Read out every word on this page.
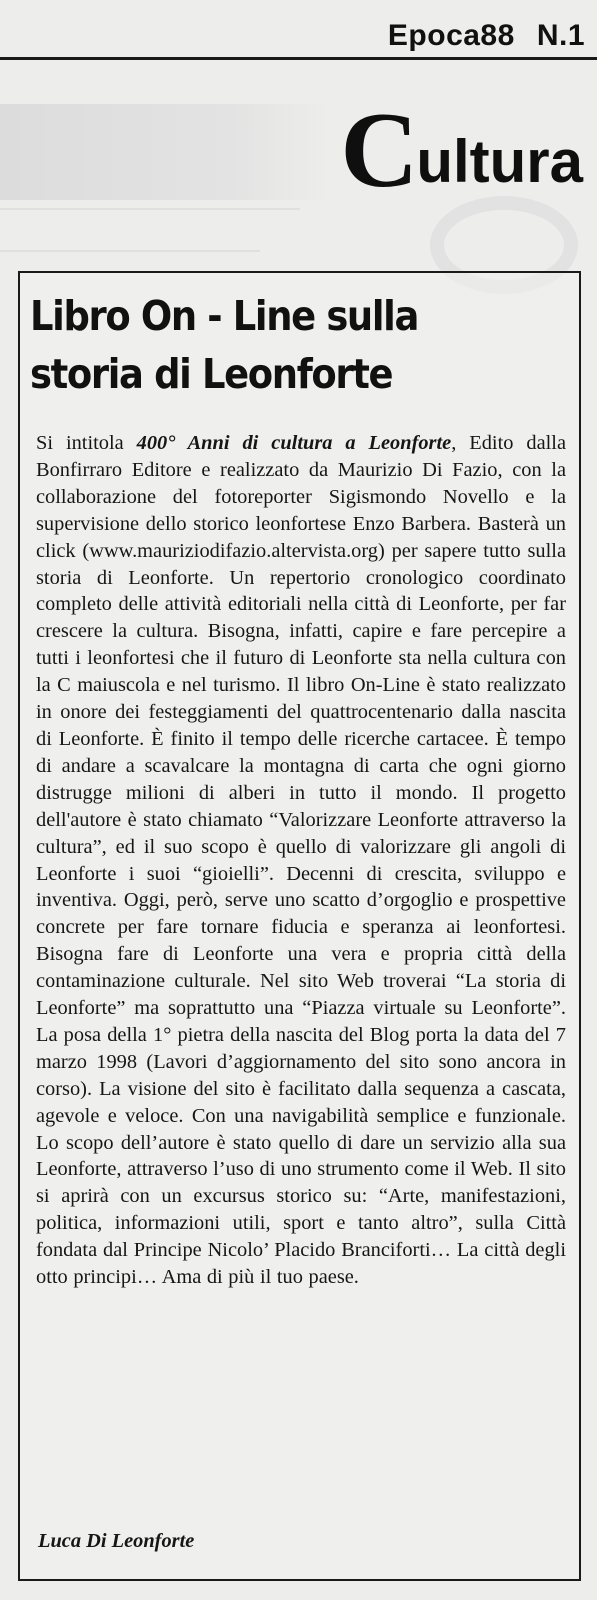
Epoca88 N.1
Cultura
Libro On - Line sulla storia di Leonforte

Si intitola 400° Anni di cultura a Leonforte, Edito dalla Bonfirraro Editore e realizzato da Maurizio Di Fazio, con la collaborazione del fotoreporter Sigismondo Novello e la supervisione dello storico leonfortese Enzo Barbera. Basterà un click (www.mauriziodifazio.altervista.org) per sapere tutto sulla storia di Leonforte. Un repertorio cronologico coordinato completo delle attività editoriali nella città di Leonforte, per far crescere la cultura. Bisogna, infatti, capire e fare percepire a tutti i leonfortesi che il futuro di Leonforte sta nella cultura con la C maiuscola e nel turismo. Il libro On-Line è stato realizzato in onore dei festeggiamenti del quattrocentenario dalla nascita di Leonforte. È finito il tempo delle ricerche cartacee. È tempo di andare a scavalcare la montagna di carta che ogni giorno distrugge milioni di alberi in tutto il mondo. Il progetto dell'autore è stato chiamato “Valorizzare Leonforte attraverso la cultura”, ed il suo scopo è quello di valorizzare gli angoli di Leonforte i suoi “gioielli”. Decenni di crescita, sviluppo e inventiva. Oggi, però, serve uno scatto d’orgoglio e prospettive concrete per fare tornare fiducia e speranza ai leonfortesi. Bisogna fare di Leonforte una vera e propria città della contaminazione culturale. Nel sito Web troverai “La storia di Leonforte” ma soprattutto una “Piazza virtuale su Leonforte”. La posa della 1° pietra della nascita del Blog porta la data del 7 marzo 1998 (Lavori d’aggiornamento del sito sono ancora in corso). La visione del sito è facilitato dalla sequenza a cascata, agevole e veloce. Con una navigabilità semplice e funzionale. Lo scopo dell’autore è stato quello di dare un servizio alla sua Leonforte, attraverso l’uso di uno strumento come il Web. Il sito si aprirà con un excursus storico su: “Arte, manifestazioni, politica, informazioni utili, sport e tanto altro”, sulla Città fondata dal Principe Nicolo’ Placido Branciforti… La città degli otto principi… Ama di più il tuo paese.

Luca Di Leonforte
